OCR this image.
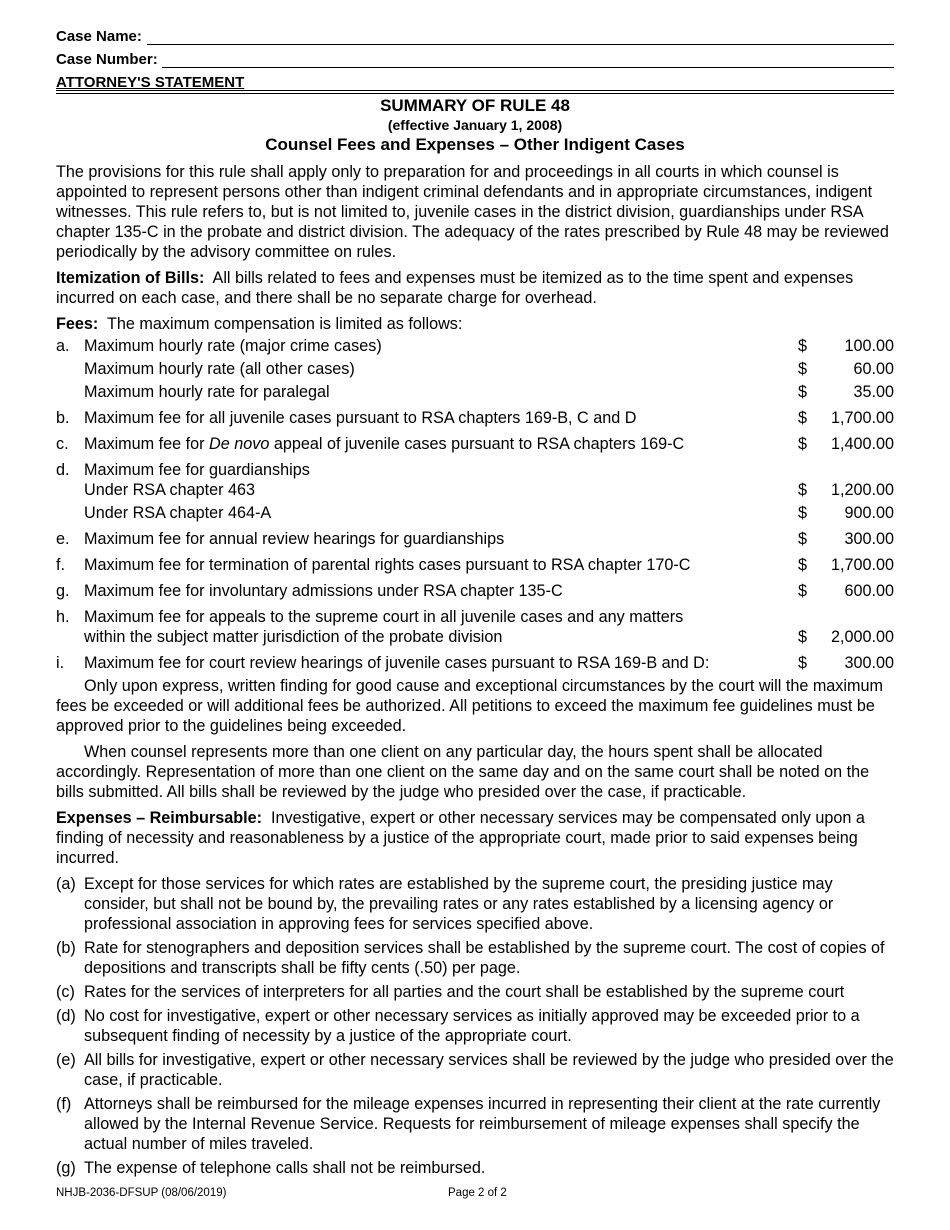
Case Name:
Case Number:
ATTORNEY'S STATEMENT
SUMMARY OF RULE 48
(effective January 1, 2008)
Counsel Fees and Expenses – Other Indigent Cases

The provisions for this rule shall apply only to preparation for and proceedings in all courts in which counsel is appointed to represent persons other than indigent criminal defendants and in appropriate circumstances, indigent witnesses. This rule refers to, but is not limited to, juvenile cases in the district division, guardianships under RSA chapter 135-C in the probate and district division. The adequacy of the rates prescribed by Rule 48 may be reviewed periodically by the advisory committee on rules.

Itemization of Bills: All bills related to fees and expenses must be itemized as to the time spent and expenses incurred on each case, and there shall be no separate charge for overhead.

Fees: The maximum compensation is limited as follows:
a. Maximum hourly rate (major crime cases)	$	100.00
Maximum hourly rate (all other cases)	$	60.00
Maximum hourly rate for paralegal	$	35.00
b. Maximum fee for all juvenile cases pursuant to RSA chapters 169-B, C and D	$	1,700.00
c. Maximum fee for De novo appeal of juvenile cases pursuant to RSA chapters 169-C	$	1,400.00
d. Maximum fee for guardianships
Under RSA chapter 463	$	1,200.00
Under RSA chapter 464-A	$	900.00
e. Maximum fee for annual review hearings for guardianships	$	300.00
f.	Maximum fee for termination of parental rights cases pursuant to RSA chapter 170-C	$	1,700.00
g. Maximum fee for involuntary admissions under RSA chapter 135-C	$	600.00
h. Maximum fee for appeals to the supreme court in all juvenile cases and any matters
within the subject matter jurisdiction of the probate division	$	2,000.00
i.	Maximum fee for court review hearings of juvenile cases pursuant to RSA 169-B and D:	$	300.00

Only upon express, written finding for good cause and exceptional circumstances by the court will the maximum fees be exceeded or will additional fees be authorized. All petitions to exceed the maximum fee guidelines must be approved prior to the guidelines being exceeded.

When counsel represents more than one client on any particular day, the hours spent shall be allocated accordingly. Representation of more than one client on the same day and on the same court shall be noted on the bills submitted. All bills shall be reviewed by the judge who presided over the case, if practicable.

Expenses – Reimbursable: Investigative, expert or other necessary services may be compensated only upon a finding of necessity and reasonableness by a justice of the appropriate court, made prior to said expenses being incurred.

(a) Except for those services for which rates are established by the supreme court, the presiding justice may consider, but shall not be bound by, the prevailing rates or any rates established by a licensing agency or professional association in approving fees for services specified above.
(b) Rate for stenographers and deposition services shall be established by the supreme court. The cost of copies of depositions and transcripts shall be fifty cents (.50) per page.
(c) Rates for the services of interpreters for all parties and the court shall be established by the supreme court
(d) No cost for investigative, expert or other necessary services as initially approved may be exceeded prior to a subsequent finding of necessity by a justice of the appropriate court.
(e) All bills for investigative, expert or other necessary services shall be reviewed by the judge who presided over the case, if practicable.
(f) Attorneys shall be reimbursed for the mileage expenses incurred in representing their client at the rate currently allowed by the Internal Revenue Service. Requests for reimbursement of mileage expenses shall specify the actual number of miles traveled.
(g) The expense of telephone calls shall not be reimbursed.
NHJB-2036-DFSUP (08/06/2019)	Page 2 of 2
